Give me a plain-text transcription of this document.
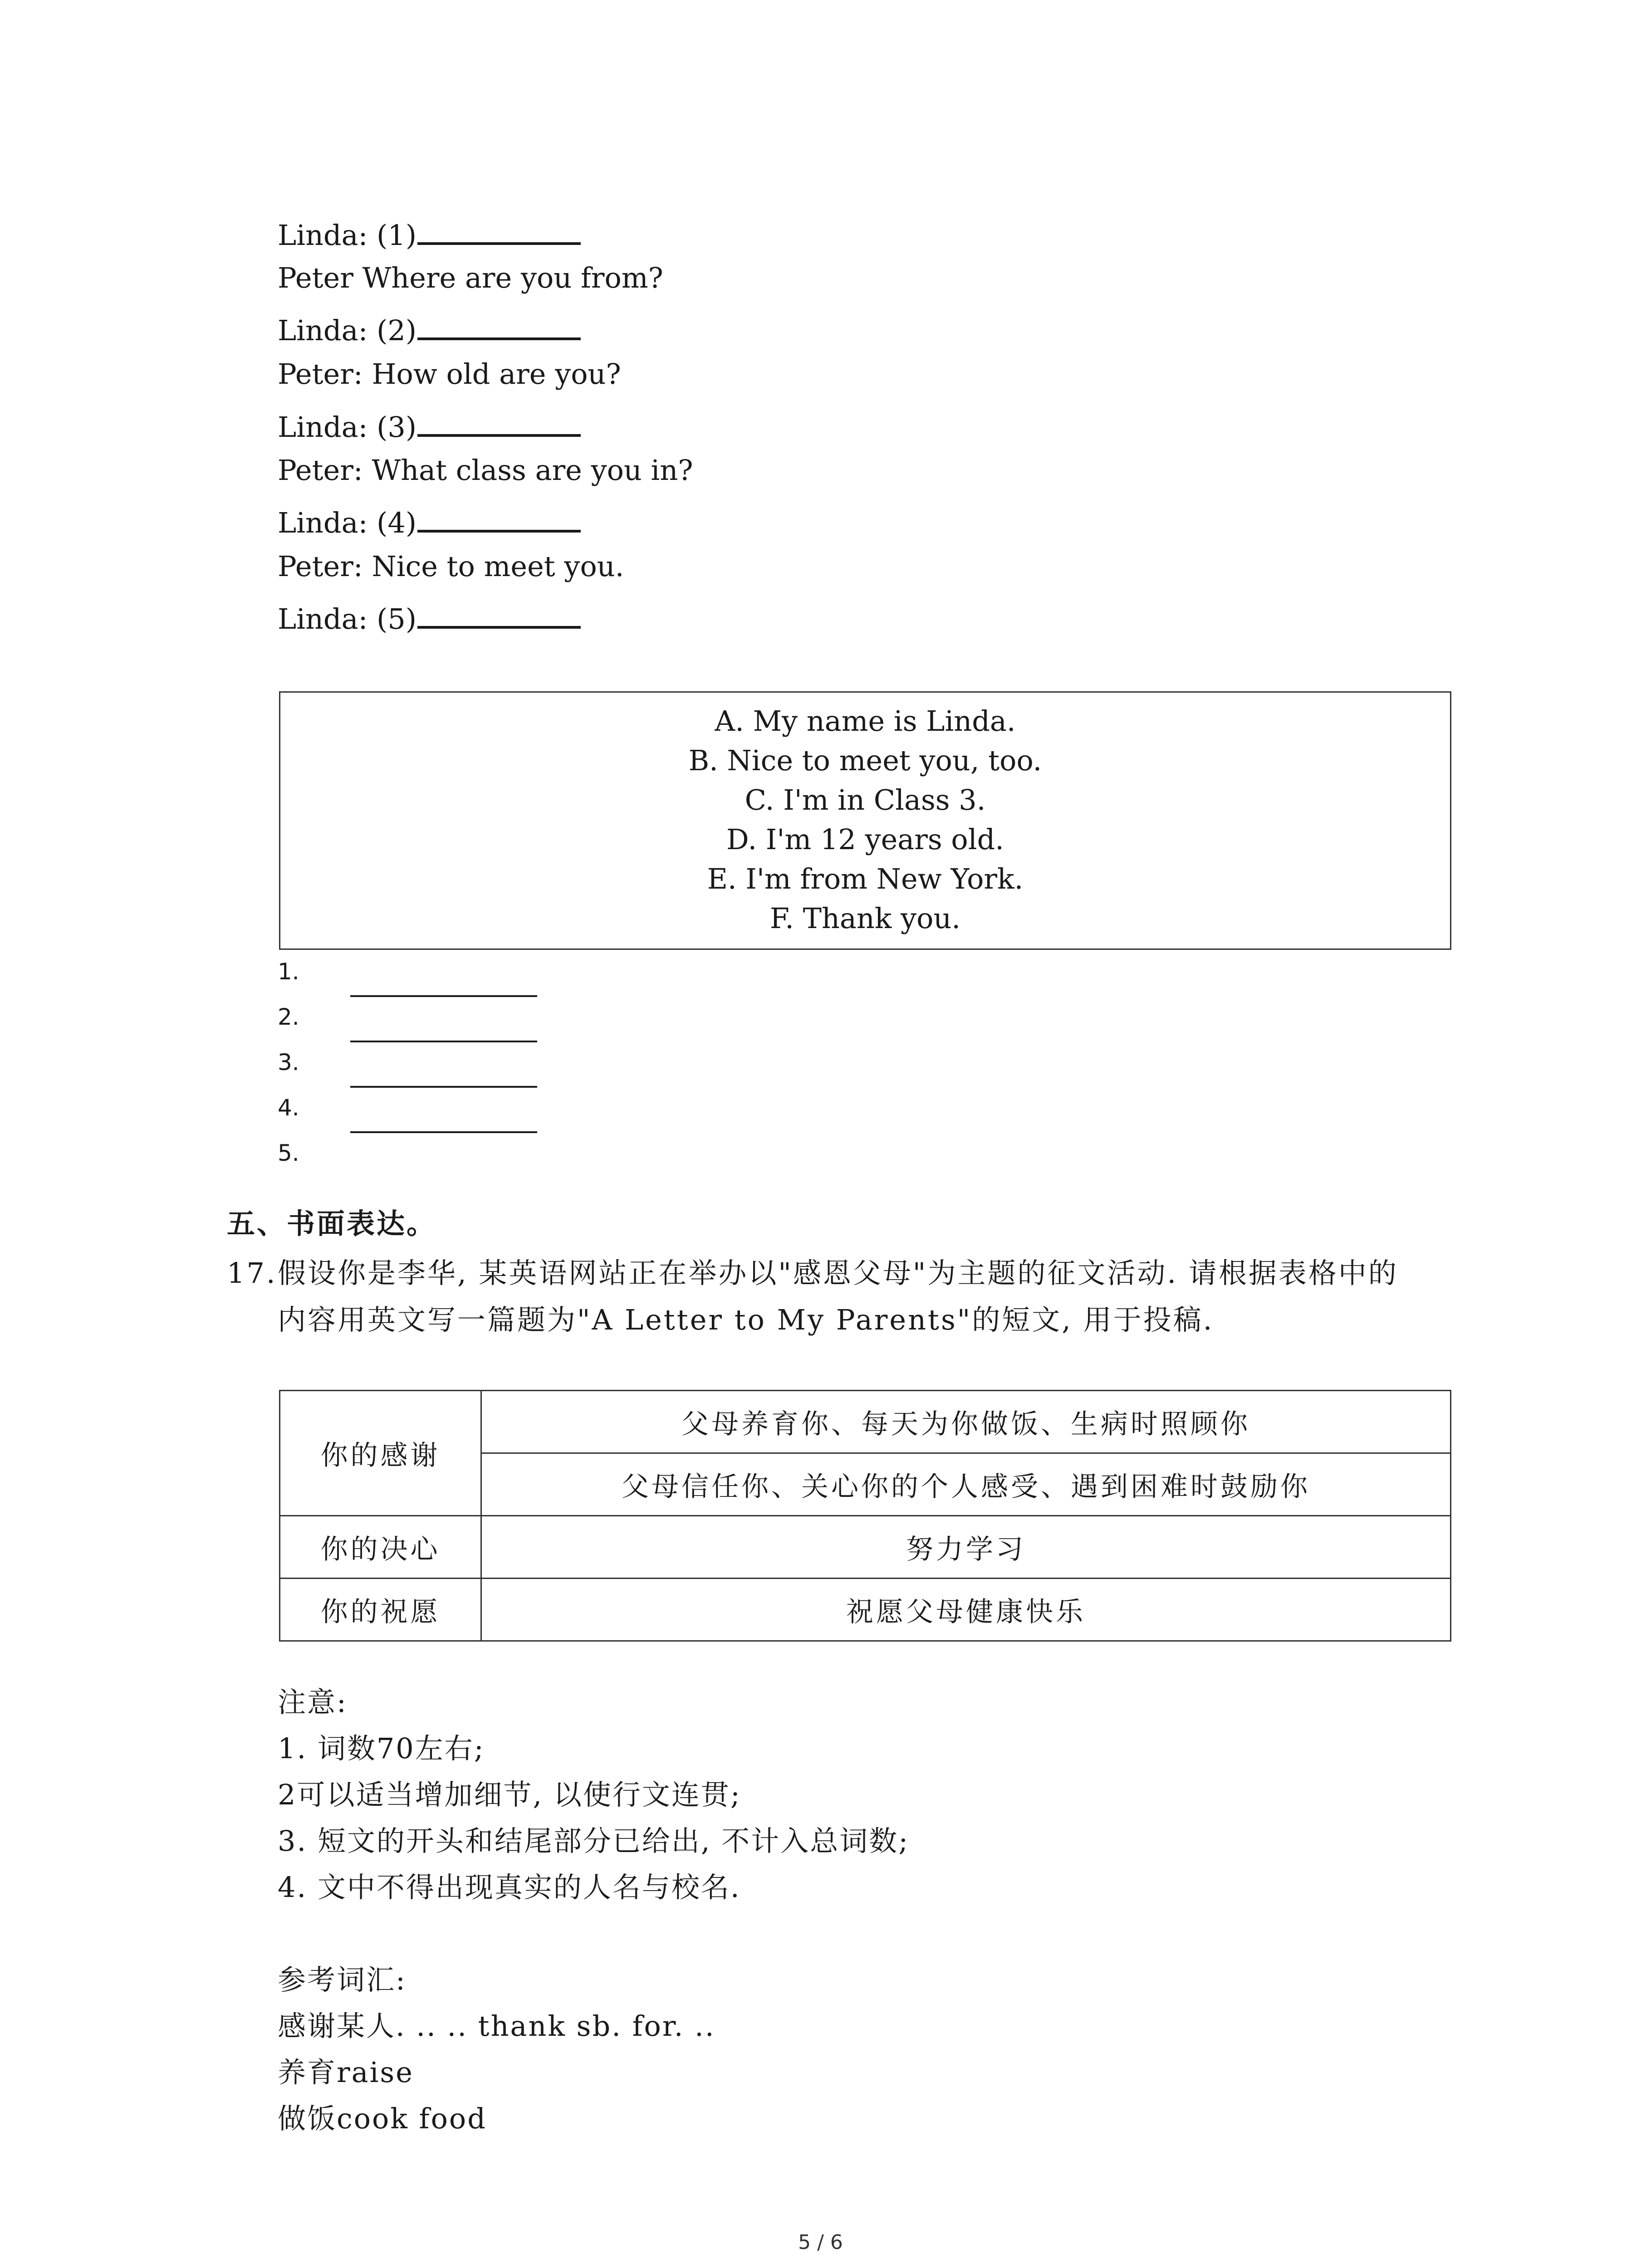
Linda: (1)
Peter Where are you from?
Linda: (2)
Peter: How old are you?
Linda: (3)
Peter: What class are you in?
Linda: (4)
Peter: Nice to meet you.
Linda: (5)
A. My name is Linda.
B. Nice to meet you, too.
C. I'm in Class 3.
D. I'm 12 years old.
E. I'm from New York.
F. Thank you.
1.
2.
3.
4.
5.
五、书面表达。
17. 假设你是李华, 某英语网站正在举办以"感恩父母"为主题的征文活动. 请根据表格中的
内容用英文写一篇题为"A Letter to My Parents"的短文, 用于投稿.
你的感谢	父母养育你、每天为你做饭、生病时照顾你
	父母信任你、关心你的个人感受、遇到困难时鼓励你
你的决心	努力学习
你的祝愿	祝愿父母健康快乐
注意:
1. 词数70左右;
2可以适当增加细节, 以使行文连贯;
3. 短文的开头和结尾部分已给出, 不计入总词数;
4. 文中不得出现真实的人名与校名.
参考词汇:
感谢某人. .. .. thank sb. for. ..
养育raise
做饭cook food
5 / 6
